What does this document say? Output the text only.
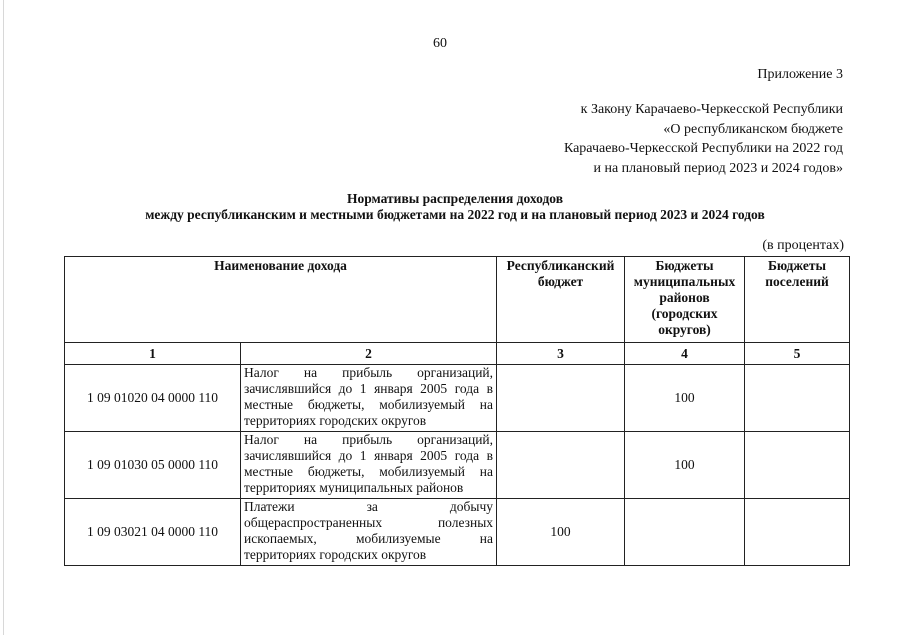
60
Приложение 3
к Закону Карачаево-Черкесской Республики
«О республиканском бюджете
Карачаево-Черкесской Республики на 2022 год
и на плановый период 2023 и 2024 годов»
Нормативы распределения доходов
между республиканским и местными бюджетами на 2022 год и на плановый период 2023 и 2024 годов
(в процентах)
Наименование дохода		Республиканский бюджет	Бюджеты муниципальных районов (городских округов)	Бюджеты поселений
1	2	3	4	5
1 09 01020 04 0000 110	Налог на прибыль организаций, зачислявшийся до 1 января 2005 года в местные бюджеты, мобилизуемый на территориях городских округов		100	
1 09 01030 05 0000 110	Налог на прибыль организаций, зачислявшийся до 1 января 2005 года в местные бюджеты, мобилизуемый на территориях муниципальных районов		100	
1 09 03021 04 0000 110	Платежи за добычу общераспространенных полезных ископаемых, мобилизуемые на территориях городских округов	100		
